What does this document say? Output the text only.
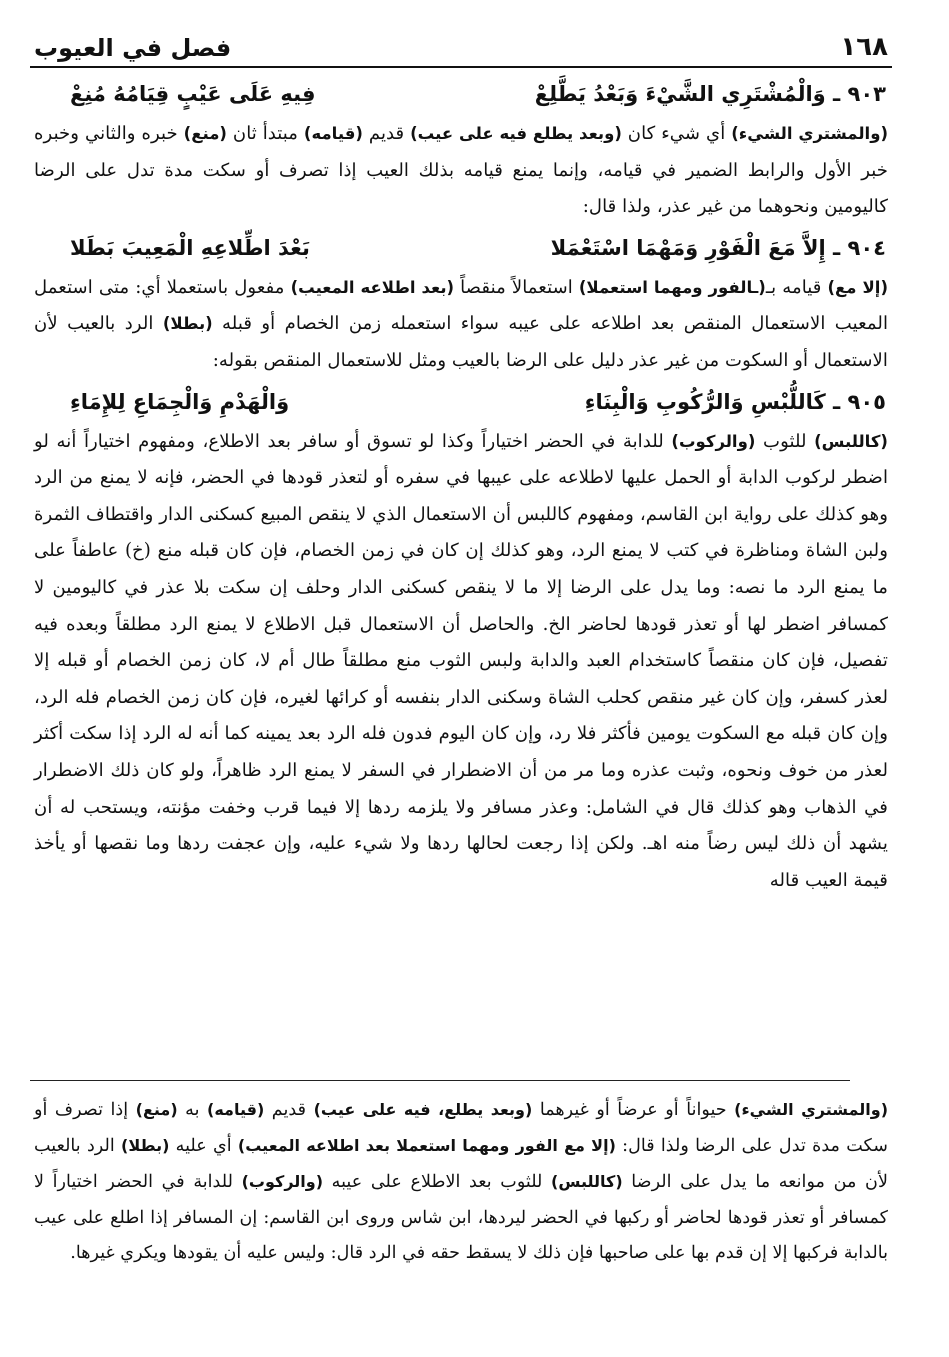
١٦٨
فصل في العيوب
٩٠٣ ـ وَالْمُشْتَرِي الشَّيْءَ وَبَعْدُ يَطَّلِعْ
فِيهِ عَلَى عَيْبٍ قِيَامُهُ مُنِعْ

(والمشتري الشيء) أي شيء كان (وبعد يطلع فيه على عيب) قديم (قيامه) مبتدأ ثان (منع) خبره والثاني وخبره خبر الأول والرابط الضمير في قيامه، وإنما يمنع قيامه بذلك العيب إذا تصرف أو سكت مدة تدل على الرضا كاليومين ونحوهما من غير عذر، ولذا قال:

٩٠٤ ـ إِلاَّ مَعَ الْفَوْرِ وَمَهْمَا اسْتَعْمَلا
بَعْدَ اطِّلاعِهِ الْمَعِيبَ بَطَلا

(إلا مع) قيامه بـ(ـالفور ومهما استعملا) استعمالاً منقصاً (بعد اطلاعه المعيب) مفعول باستعملا أي: متى استعمل المعيب الاستعمال المنقص بعد اطلاعه على عيبه سواء استعمله زمن الخصام أو قبله (بطلا) الرد بالعيب لأن الاستعمال أو السكوت من غير عذر دليل على الرضا بالعيب ومثل للاستعمال المنقص بقوله:

٩٠٥ ـ كَاللُّبْسِ وَالرُّكُوبِ وَالْبِنَاءِ
وَالْهَدْمِ وَالْجِمَاعِ لِلإِمَاءِ

(كاللبس) للثوب (والركوب) للدابة في الحضر اختياراً وكذا لو تسوق أو سافر بعد الاطلاع، ومفهوم اختياراً أنه لو اضطر لركوب الدابة أو الحمل عليها لاطلاعه على عيبها في سفره أو لتعذر قودها في الحضر، فإنه لا يمنع من الرد وهو كذلك على رواية ابن القاسم، ومفهوم كاللبس أن الاستعمال الذي لا ينقص المبيع كسكنى الدار واقتطاف الثمرة ولبن الشاة ومناظرة في كتب لا يمنع الرد، وهو كذلك إن كان في زمن الخصام، فإن كان قبله منع (خ) عاطفاً على ما يمنع الرد ما نصه: وما يدل على الرضا إلا ما لا ينقص كسكنى الدار وحلف إن سكت بلا عذر في كاليومين لا كمسافر اضطر لها أو تعذر قودها لحاضر الخ. والحاصل أن الاستعمال قبل الاطلاع لا يمنع الرد مطلقاً وبعده فيه تفصيل، فإن كان منقصاً كاستخدام العبد والدابة ولبس الثوب منع مطلقاً طال أم لا، كان زمن الخصام أو قبله إلا لعذر كسفر، وإن كان غير منقص كحلب الشاة وسكنى الدار بنفسه أو كرائها لغيره، فإن كان زمن الخصام فله الرد، وإن كان قبله مع السكوت يومين فأكثر فلا رد، وإن كان اليوم فدون فله الرد بعد يمينه كما أنه له الرد إذا سكت أكثر لعذر من خوف ونحوه، وثبت عذره وما مر من أن الاضطرار في السفر لا يمنع الرد ظاهراً، ولو كان ذلك الاضطرار في الذهاب وهو كذلك قال في الشامل: وعذر مسافر ولا يلزمه ردها إلا فيما قرب وخفت مؤنته، ويستحب له أن يشهد أن ذلك ليس رضاً منه اهـ. ولكن إذا رجعت لحالها ردها ولا شيء عليه، وإن عجفت ردها وما نقصها أو يأخذ قيمة العيب قاله

(والمشتري الشيء) حيواناً أو عرضاً أو غيرهما (وبعد يطلع، فيه على عيب) قديم (قيامه) به (منع) إذا تصرف أو سكت مدة تدل على الرضا ولذا قال: (إلا مع الفور ومهما استعملا بعد اطلاعه المعيب) أي عليه (بطلا) الرد بالعيب لأن من موانعه ما يدل على الرضا (كاللبس) للثوب بعد الاطلاع على عيبه (والركوب) للدابة في الحضر اختياراً لا كمسافر أو تعذر قودها لحاضر أو ركبها في الحضر ليردها، ابن شاس وروى ابن القاسم: إن المسافر إذا اطلع على عيب بالدابة فركبها إلا إن قدم بها على صاحبها فإن ذلك لا يسقط حقه في الرد قال: وليس عليه أن يقودها ويكري غيرها.
